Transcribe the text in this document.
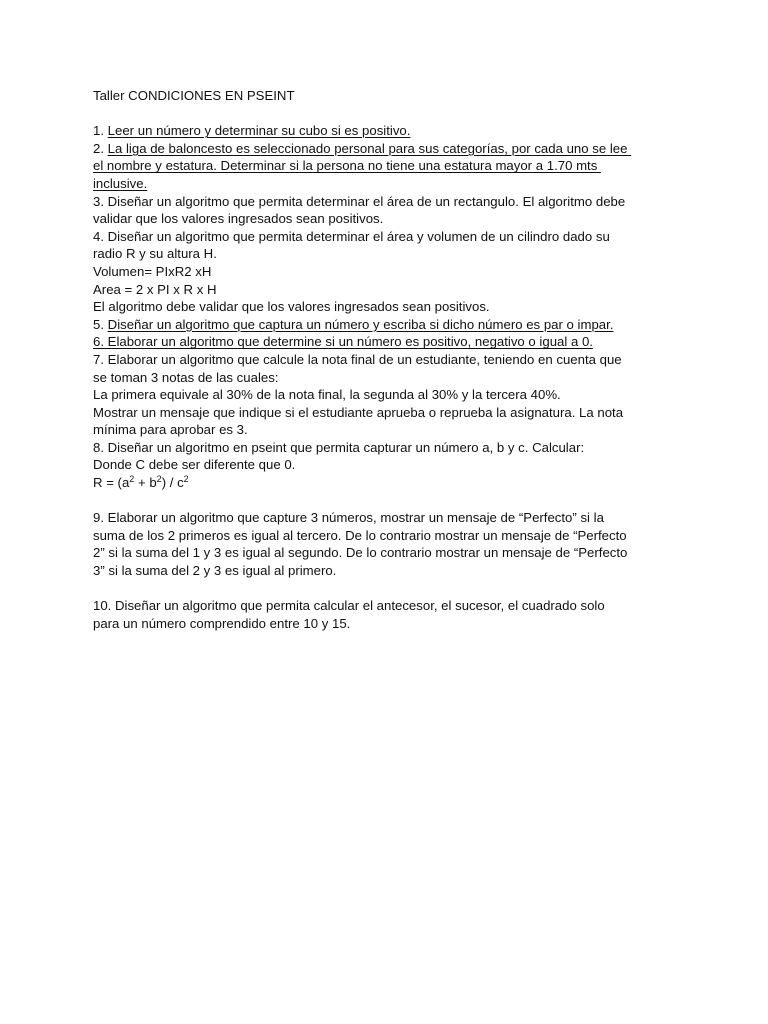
Taller CONDICIONES EN PSEINT
1. Leer un número y determinar su cubo si es positivo.
2. La liga de baloncesto es seleccionado personal para sus categorías, por cada uno se lee
el nombre y estatura. Determinar si la persona no tiene una estatura mayor a 1.70 mts
inclusive.
3. Diseñar un algoritmo que permita determinar el área de un rectangulo. El algoritmo debe
validar que los valores ingresados sean positivos.
4. Diseñar un algoritmo que permita determinar el área y volumen de un cilindro dado su
radio R y su altura H.
Volumen= PIxR2 xH
Area = 2 x PI x R x H
El algoritmo debe validar que los valores ingresados sean positivos.
5. Diseñar un algoritmo que captura un número y escriba si dicho número es par o impar.
6. Elaborar un algoritmo que determine si un número es positivo, negativo o igual a 0.
7. Elaborar un algoritmo que calcule la nota final de un estudiante, teniendo en cuenta que
se toman 3 notas de las cuales:
La primera equivale al 30% de la nota final, la segunda al 30% y la tercera 40%.
Mostrar un mensaje que indique si el estudiante aprueba o reprueba la asignatura. La nota
mínima para aprobar es 3.
8. Diseñar un algoritmo en pseint que permita capturar un número a, b y c. Calcular:
Donde C debe ser diferente que 0.
$R = (a^2 + b^2) / c^2$
9. Elaborar un algoritmo que capture 3 números, mostrar un mensaje de “Perfecto” si la
suma de los 2 primeros es igual al tercero. De lo contrario mostrar un mensaje de “Perfecto
2” si la suma del 1 y 3 es igual al segundo. De lo contrario mostrar un mensaje de “Perfecto
3” si la suma del 2 y 3 es igual al primero.
10. Diseñar un algoritmo que permita calcular el antecesor, el sucesor, el cuadrado solo
para un número comprendido entre 10 y 15.
